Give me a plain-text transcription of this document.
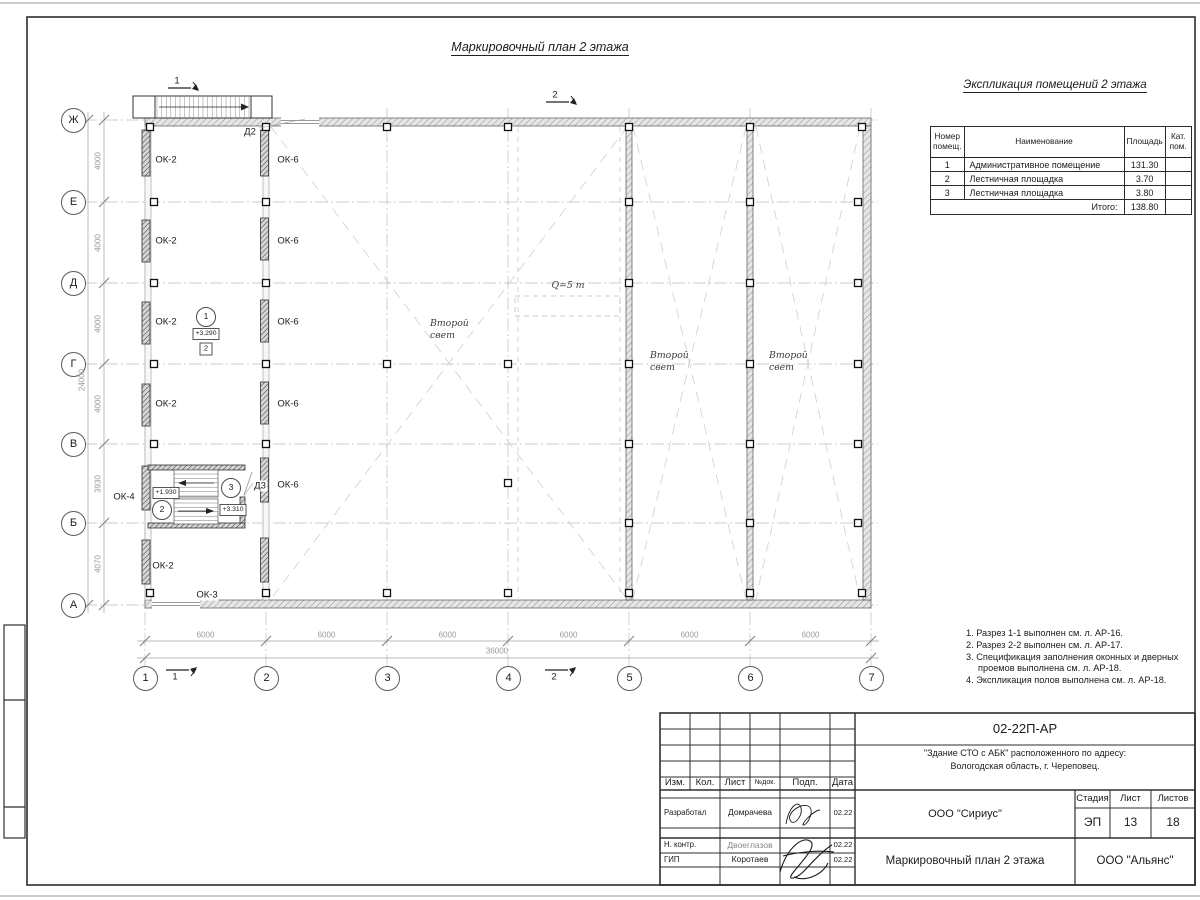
Маркировочный план 2 этажа
Экспликация помещений 2 этажа
Номер помещ.	Наименование	Площадь	Кат. пом.
1	Административное помещение	131.30	
2	Лестничная площадка	3.70	
3	Лестничная площадка	3.80	
Итого:		138.80	
1. Разрез 1-1 выполнен см. л. АР-16.
2. Разрез 2-2 выполнен см. л. АР-17.
3. Спецификация заполнения оконных и дверных проемов выполнена см. л. АР-18.
4. Экспликация полов выполнена см. л. АР-18.
1	2	3	4	5	6	7
Ж
Е
Д
Г
В
Б
А
6000	6000	6000	6000	6000	6000
36000
4000
4000
4000
4000
3930
4070
24000
ОК-2
ОК-2
ОК-2
ОК-2
ОК-2
ОК-4
ОК-3
ОК-6
ОК-6
ОК-6
ОК-6
ОК-6
Д2
Д3
Второй свет
Второй свет
Второй свет
Q=5 т
1
2
3
+3.290
+1.930
+3.310
2
1
2
1	2
02-22П-АР
"Здание СТО с АБК" расположенного по адресу:
Вологодская область, г. Череповец.
ООО "Сириус"
Стадия	Лист	Листов
ЭП	13	18
Маркировочный план 2 этажа	ООО "Альянс"
Изм.	Кол.	Лист	№док.	Подп.	Дата
Разработал	Домрачева	02.22
Н. контр.	Двоеглазов	02.22
ГИП	Коротаев	02.22
